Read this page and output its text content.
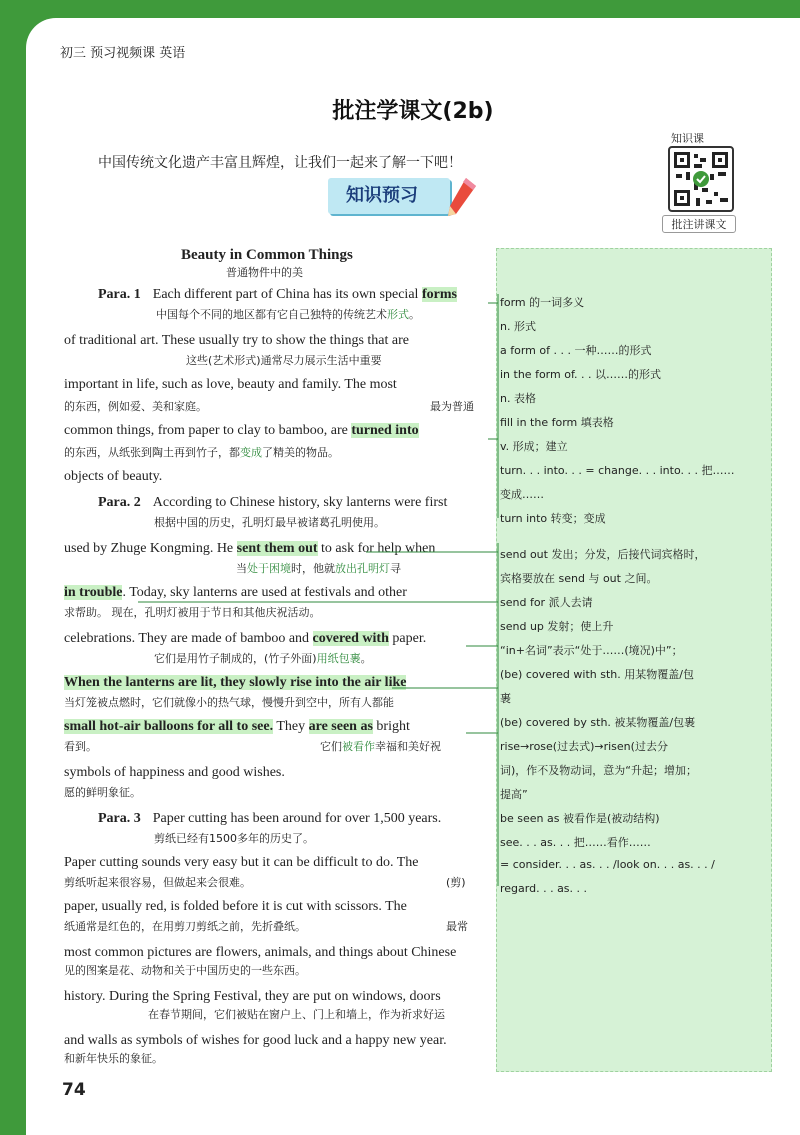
初三 预习视频课 英语
批注学课文(2b)
中国传统文化遗产丰富且辉煌，让我们一起来了解一下吧！
知识预习
知识课
批注讲课文
Beauty in Common Things
普通物件中的美
Para. 1 Each different part of China has its own special forms
of traditional art. These usually try to show the things that are
important in life, such as love, beauty and family. The most
common things, from paper to clay to bamboo, are turned into
objects of beauty.
Para. 2 According to Chinese history, sky lanterns were first
used by Zhuge Kongming. He sent them out to ask for help when
in trouble. Today, sky lanterns are used at festivals and other
celebrations. They are made of bamboo and covered with paper.
When the lanterns are lit, they slowly rise into the air like
small hot-air balloons for all to see. They are seen as bright
symbols of happiness and good wishes.
Para. 3 Paper cutting has been around for over 1,500 years.
Paper cutting sounds very easy but it can be difficult to do. The
paper, usually red, is folded before it is cut with scissors. The
most common pictures are flowers, animals, and things about Chinese
history. During the Spring Festival, they are put on windows, doors
and walls as symbols of wishes for good luck and a happy new year.
中国每个不同的地区都有它自己独特的传统艺术形式。
这些(艺术形式)通常尽力展示生活中重要
的东西，例如爱、美和家庭。	最为普通
的东西，从纸张到陶土再到竹子，都变成了精美的物品。
根据中国的历史，孔明灯最早被诸葛孔明使用。
当处于困境时，他就放出孔明灯寻
求帮助。 现在，孔明灯被用于节日和其他庆祝活动。
它们是用竹子制成的，(竹子外面)用纸包裹。
当灯笼被点燃时，它们就像小的热气球，慢慢升到空中，所有人都能
看到。	它们被看作幸福和美好祝
愿的鲜明象征。
剪纸已经有1500多年的历史了。
剪纸听起来很容易，但做起来会很难。	(剪)
纸通常是红色的，在用剪刀剪纸之前，先折叠纸。	最常
见的图案是花、动物和关于中国历史的一些东西。
在春节期间，它们被贴在窗户上、门上和墙上，作为祈求好运
和新年快乐的象征。
form 的一词多义
n. 形式
a form of . . . 一种……的形式
in the form of. . . 以……的形式
n. 表格
fill in the form 填表格
v. 形成；建立
turn. . . into. . . = change. . . into. . . 把……
变成……
turn into 转变；变成
send out 发出；分发，后接代词宾格时，
宾格要放在 send 与 out 之间。
send for 派人去请
send up 发射；使上升
“in+名词”表示“处于……(境况)中”；
(be) covered with sth. 用某物覆盖/包
裹
(be) covered by sth. 被某物覆盖/包裹
rise→rose(过去式)→risen(过去分
词)，作不及物动词，意为“升起；增加；
提高”
be seen as 被看作是(被动结构)
see. . . as. . . 把……看作……
= consider. . . as. . . /look on. . . as. . . /
regard. . . as. . .
74
